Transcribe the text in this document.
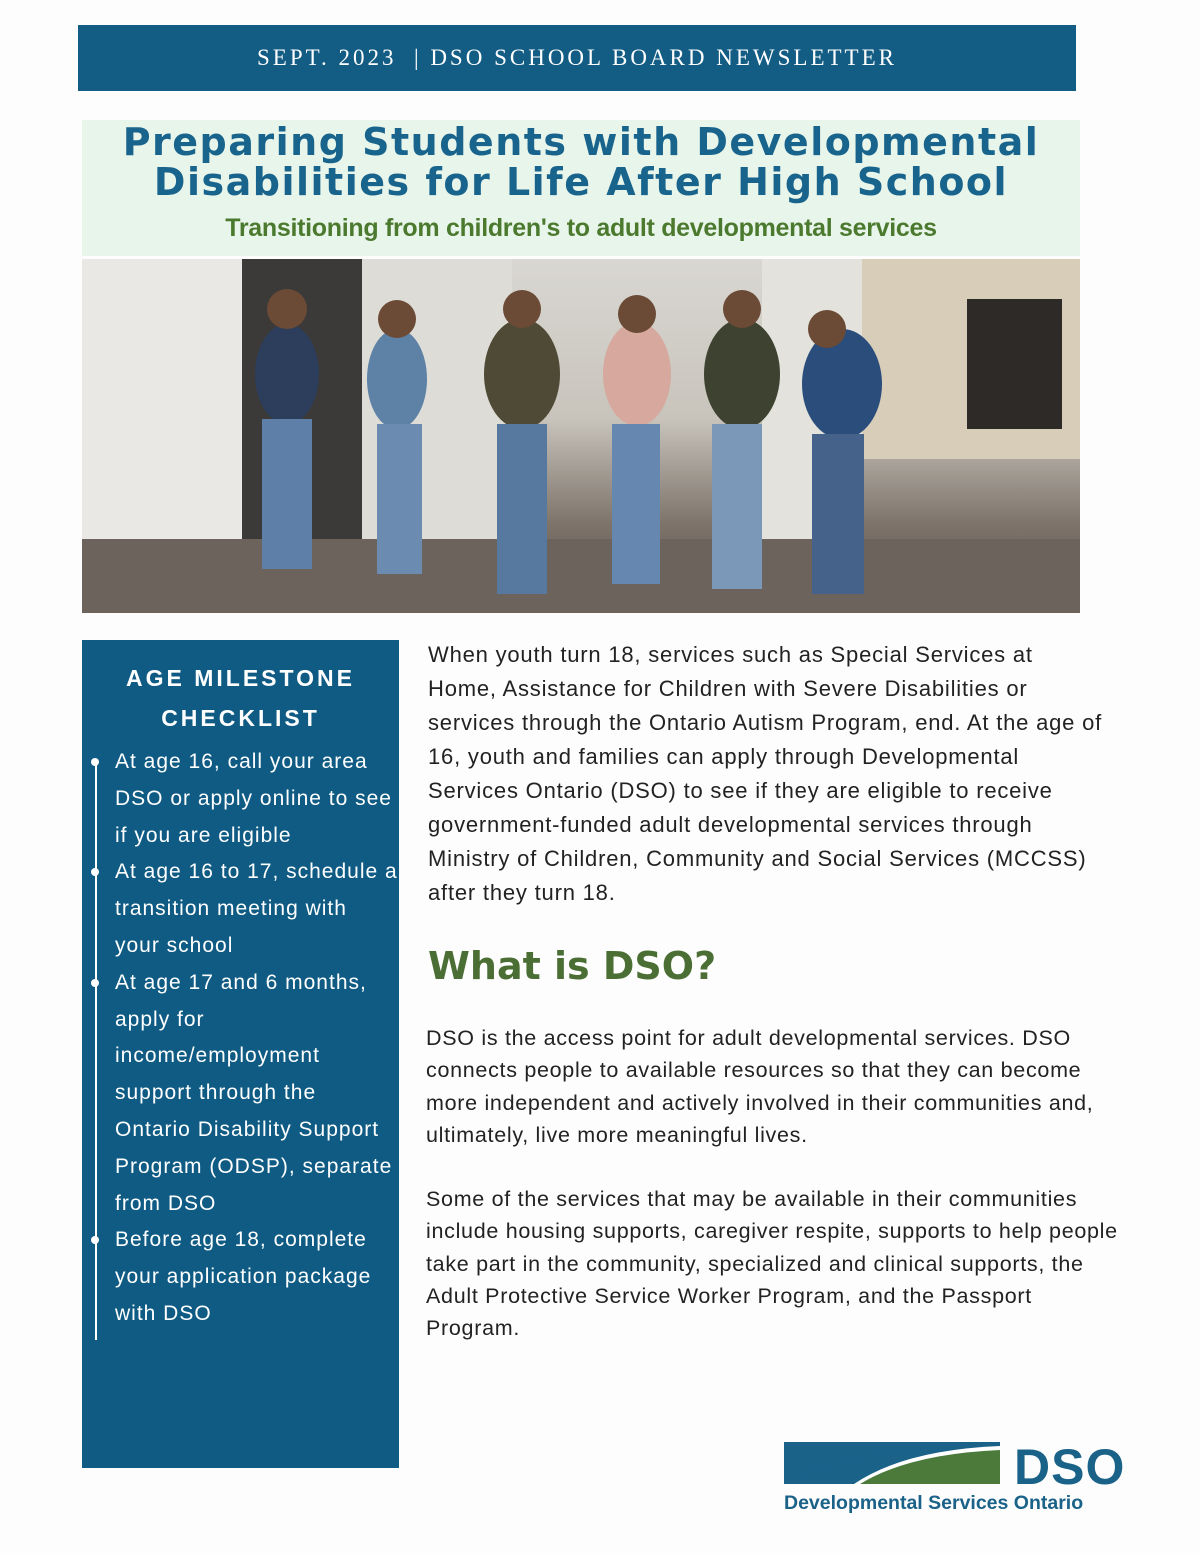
SEPT. 2023  | DSO SCHOOL BOARD NEWSLETTER
Preparing Students with Developmental
Disabilities for Life After High School
Transitioning from children's to adult developmental services
AGE MILESTONE
CHECKLIST
At age 16, call your area DSO or apply online to see if you are eligible
At age 16 to 17, schedule a transition meeting with your school
At age 17 and 6 months, apply for income/employment support through the Ontario Disability Support Program (ODSP), separate from DSO
Before age 18, complete your application package with DSO

When youth turn 18, services such as Special Services at Home, Assistance for Children with Severe Disabilities or services through the Ontario Autism Program, end. At the age of 16, youth and families can apply through Developmental Services Ontario (DSO) to see if they are eligible to receive government-funded adult developmental services through Ministry of Children, Community and Social Services (MCCSS) after they turn 18.

What is DSO?

DSO is the access point for adult developmental services. DSO connects people to available resources so that they can become more independent and actively involved in their communities and, ultimately, live more meaningful lives.

Some of the services that may be available in their communities include housing supports, caregiver respite, supports to help people take part in the community, specialized and clinical supports, the Adult Protective Service Worker Program, and the Passport Program.

DSO
Developmental Services Ontario
